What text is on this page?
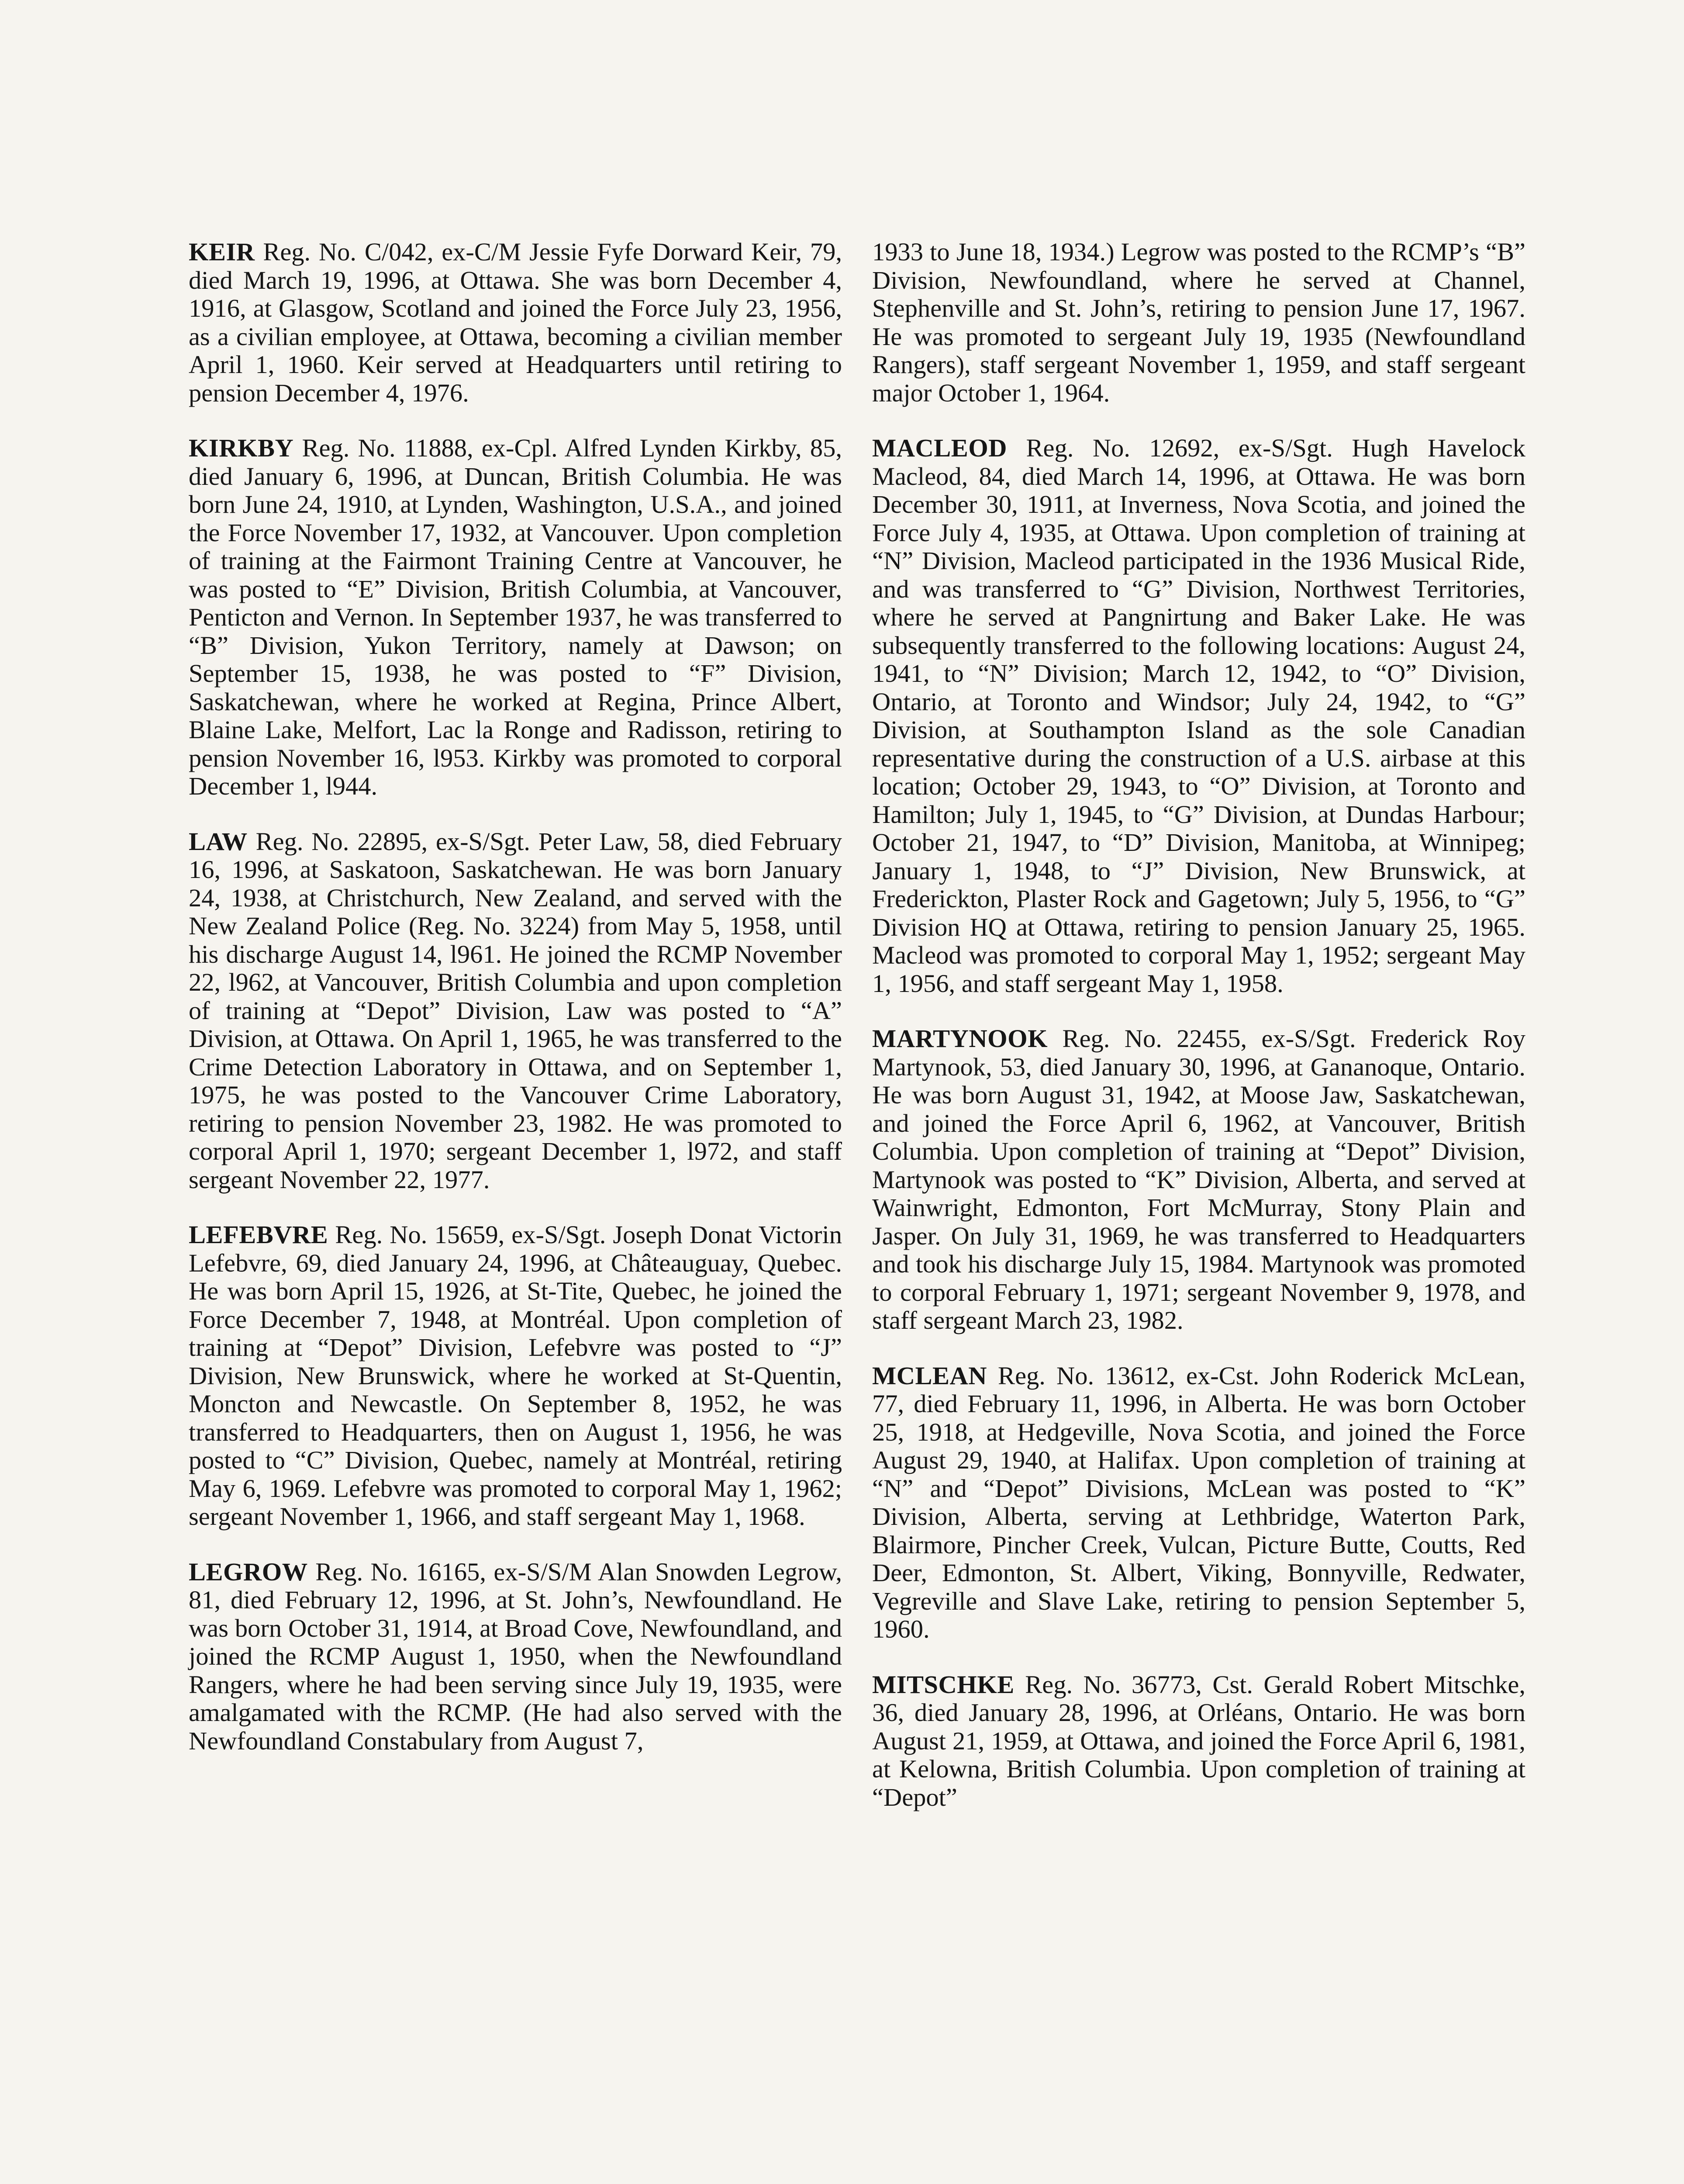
KEIR Reg. No. C/042, ex-C/M Jessie Fyfe Dorward Keir, 79, died March 19, 1996, at Ottawa. She was born December 4, 1916, at Glasgow, Scotland and joined the Force July 23, 1956, as a civilian employee, at Ottawa, becoming a civilian member April 1, 1960. Keir served at Headquarters until retiring to pension December 4, 1976.

KIRKBY Reg. No. 11888, ex-Cpl. Alfred Lynden Kirkby, 85, died January 6, 1996, at Duncan, British Columbia. He was born June 24, 1910, at Lynden, Washington, U.S.A., and joined the Force November 17, 1932, at Vancouver. Upon completion of training at the Fairmont Training Centre at Vancouver, he was posted to “E” Division, British Columbia, at Vancouver, Penticton and Vernon. In September 1937, he was transferred to “B” Division, Yukon Territory, namely at Dawson; on September 15, 1938, he was posted to “F” Division, Saskatchewan, where he worked at Regina, Prince Albert, Blaine Lake, Melfort, Lac la Ronge and Radisson, retiring to pension November 16, l953. Kirkby was promoted to corporal December 1, l944.

LAW Reg. No. 22895, ex-S/Sgt. Peter Law, 58, died February 16, 1996, at Saskatoon, Saskatchewan. He was born January 24, 1938, at Christchurch, New Zealand, and served with the New Zealand Police (Reg. No. 3224) from May 5, 1958, until his discharge August 14, l961. He joined the RCMP November 22, l962, at Vancouver, British Columbia and upon completion of training at “Depot” Division, Law was posted to “A” Division, at Ottawa. On April 1, 1965, he was transferred to the Crime Detection Laboratory in Ottawa, and on September 1, 1975, he was posted to the Vancouver Crime Laboratory, retiring to pension November 23, 1982. He was promoted to corporal April 1, 1970; sergeant December 1, l972, and staff sergeant November 22, 1977.

LEFEBVRE Reg. No. 15659, ex-S/Sgt. Joseph Donat Victorin Lefebvre, 69, died January 24, 1996, at Châteauguay, Quebec. He was born April 15, 1926, at St-Tite, Quebec, he joined the Force December 7, 1948, at Montréal. Upon completion of training at “Depot” Division, Lefebvre was posted to “J” Division, New Brunswick, where he worked at St-Quentin, Moncton and Newcastle. On September 8, 1952, he was transferred to Headquarters, then on August 1, 1956, he was posted to “C” Division, Quebec, namely at Montréal, retiring May 6, 1969. Lefebvre was promoted to corporal May 1, 1962; sergeant November 1, 1966, and staff sergeant May 1, 1968.

LEGROW Reg. No. 16165, ex-S/S/M Alan Snowden Legrow, 81, died February 12, 1996, at St. John’s, Newfoundland. He was born October 31, 1914, at Broad Cove, Newfoundland, and joined the RCMP August 1, 1950, when the Newfoundland Rangers, where he had been serving since July 19, 1935, were amalgamated with the RCMP. (He had also served with the Newfoundland Constabulary from August 7,

1933 to June 18, 1934.) Legrow was posted to the RCMP’s “B” Division, Newfoundland, where he served at Channel, Stephenville and St. John’s, retiring to pension June 17, 1967. He was promoted to sergeant July 19, 1935 (Newfoundland Rangers), staff sergeant November 1, 1959, and staff sergeant major October 1, 1964.

MACLEOD Reg. No. 12692, ex-S/Sgt. Hugh Havelock Macleod, 84, died March 14, 1996, at Ottawa. He was born December 30, 1911, at Inverness, Nova Scotia, and joined the Force July 4, 1935, at Ottawa. Upon completion of training at “N” Division, Macleod participated in the 1936 Musical Ride, and was transferred to “G” Division, Northwest Territories, where he served at Pangnirtung and Baker Lake. He was subsequently transferred to the following locations: August 24, 1941, to “N” Division; March 12, 1942, to “O” Division, Ontario, at Toronto and Windsor; July 24, 1942, to “G” Division, at Southampton Island as the sole Canadian representative during the construction of a U.S. airbase at this location; October 29, 1943, to “O” Division, at Toronto and Hamilton; July 1, 1945, to “G” Division, at Dundas Harbour; October 21, 1947, to “D” Division, Manitoba, at Winnipeg; January 1, 1948, to “J” Division, New Brunswick, at Frederickton, Plaster Rock and Gagetown; July 5, 1956, to “G” Division HQ at Ottawa, retiring to pension January 25, 1965. Macleod was promoted to corporal May 1, 1952; sergeant May 1, 1956, and staff sergeant May 1, 1958.

MARTYNOOK Reg. No. 22455, ex-S/Sgt. Frederick Roy Martynook, 53, died January 30, 1996, at Gananoque, Ontario. He was born August 31, 1942, at Moose Jaw, Saskatchewan, and joined the Force April 6, 1962, at Vancouver, British Columbia. Upon completion of training at “Depot” Division, Martynook was posted to “K” Division, Alberta, and served at Wainwright, Edmonton, Fort McMurray, Stony Plain and Jasper. On July 31, 1969, he was transferred to Headquarters and took his discharge July 15, 1984. Martynook was promoted to corporal February 1, 1971; sergeant November 9, 1978, and staff sergeant March 23, 1982.

MCLEAN Reg. No. 13612, ex-Cst. John Roderick McLean, 77, died February 11, 1996, in Alberta. He was born October 25, 1918, at Hedgeville, Nova Scotia, and joined the Force August 29, 1940, at Halifax. Upon completion of training at “N” and “Depot” Divisions, McLean was posted to “K” Division, Alberta, serving at Lethbridge, Waterton Park, Blairmore, Pincher Creek, Vulcan, Picture Butte, Coutts, Red Deer, Edmonton, St. Albert, Viking, Bonnyville, Redwater, Vegreville and Slave Lake, retiring to pension September 5, 1960.

MITSCHKE Reg. No. 36773, Cst. Gerald Robert Mitschke, 36, died January 28, 1996, at Orléans, Ontario. He was born August 21, 1959, at Ottawa, and joined the Force April 6, 1981, at Kelowna, British Columbia. Upon completion of training at “Depot”
